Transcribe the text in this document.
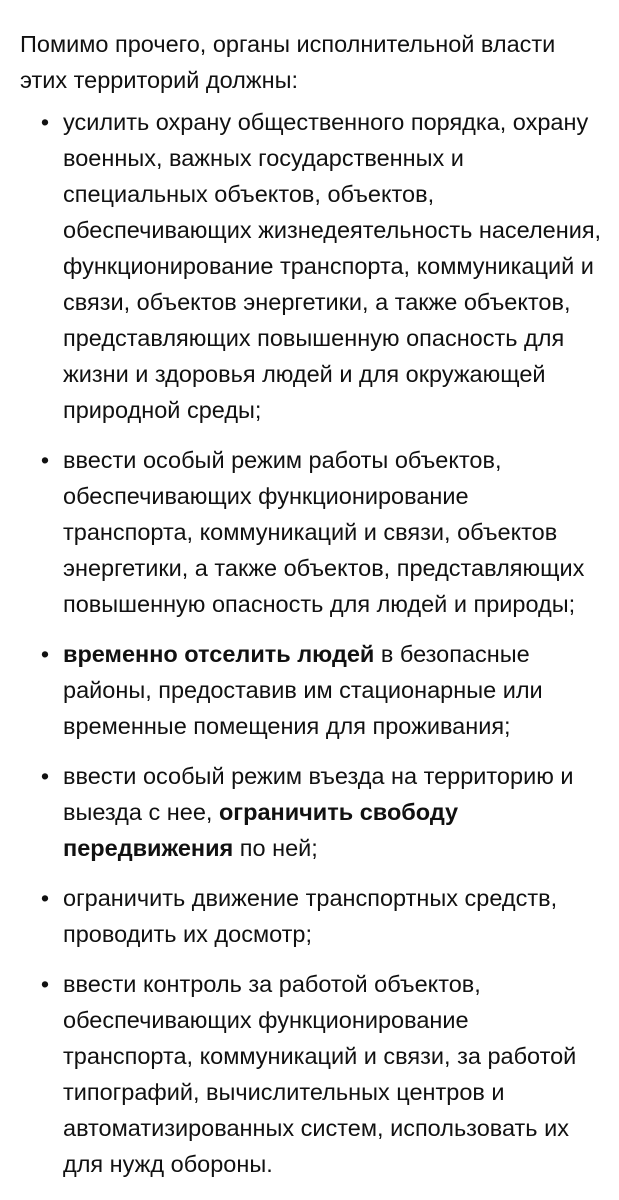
Помимо прочего, органы исполнительной власти этих территорий должны:

• усилить охрану общественного порядка, охрану военных, важных государственных и специальных объектов, объектов, обеспечивающих жизнедеятельность населения, функционирование транспорта, коммуникаций и связи, объектов энергетики, а также объектов, представляющих повышенную опасность для жизни и здоровья людей и для окружающей природной среды;
• ввести особый режим работы объектов, обеспечивающих функционирование транспорта, коммуникаций и связи, объектов энергетики, а также объектов, представляющих повышенную опасность для людей и природы;
• временно отселить людей в безопасные районы, предоставив им стационарные или временные помещения для проживания;
• ввести особый режим въезда на территорию и выезда с нее, ограничить свободу передвижения по ней;
• ограничить движение транспортных средств, проводить их досмотр;
• ввести контроль за работой объектов, обеспечивающих функционирование транспорта, коммуникаций и связи, за работой типографий, вычислительных центров и автоматизированных систем, использовать их для нужд обороны.
